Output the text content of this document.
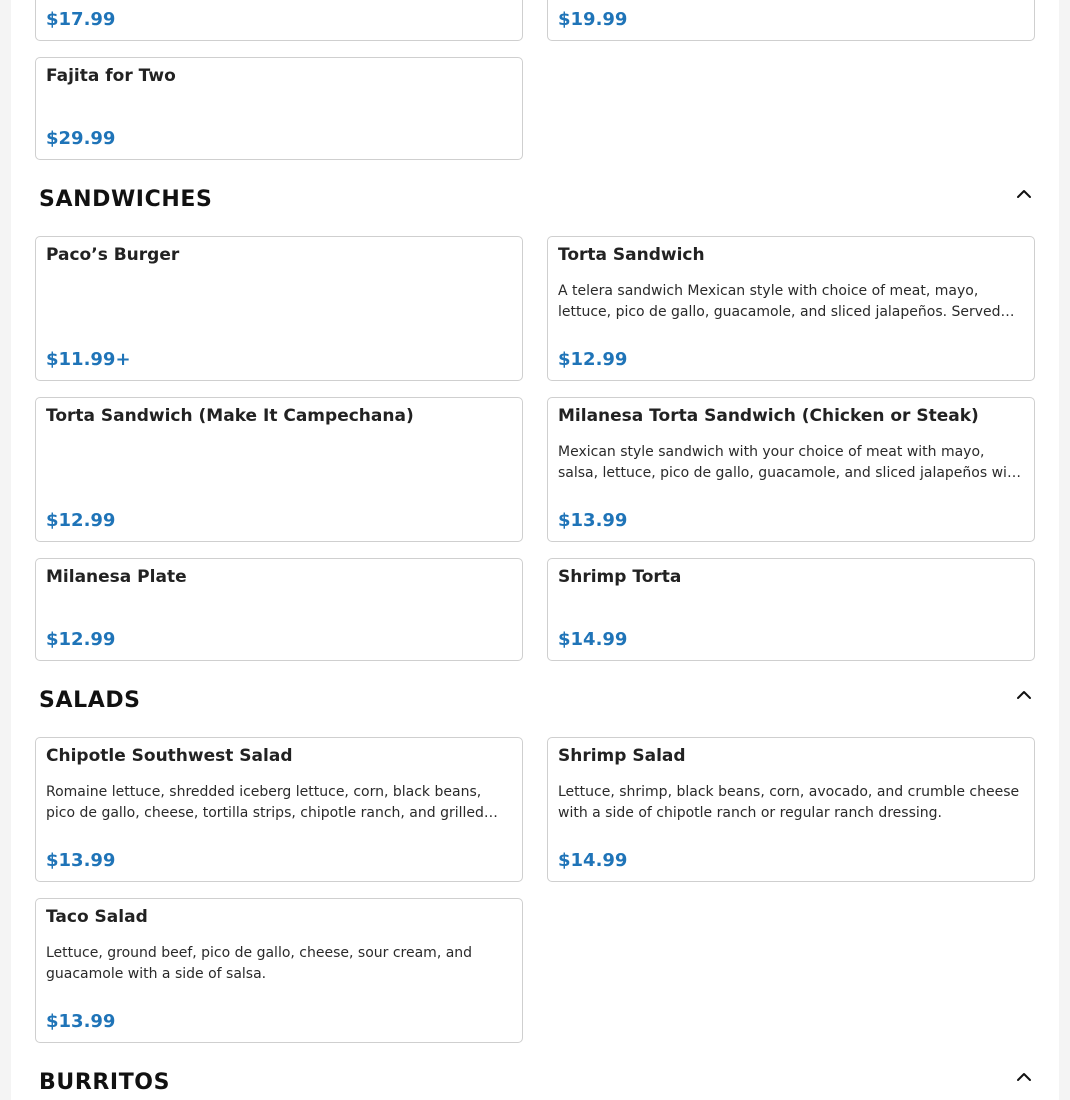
$17.99	$19.99
Fajita for Two
$29.99
SANDWICHES
Paco’s Burger
$11.99+
Torta Sandwich
A telera sandwich Mexican style with choice of meat, mayo, lettuce, pico de gallo, guacamole, and sliced jalapeños. Served…
$12.99
Torta Sandwich (Make It Campechana)
$12.99
Milanesa Torta Sandwich (Chicken or Steak)
Mexican style sandwich with your choice of meat with mayo, salsa, lettuce, pico de gallo, guacamole, and sliced jalapeños wi…
$13.99
Milanesa Plate
$12.99
Shrimp Torta
$14.99
SALADS
Chipotle Southwest Salad
Romaine lettuce, shredded iceberg lettuce, corn, black beans, pico de gallo, cheese, tortilla strips, chipotle ranch, and grilled…
$13.99
Shrimp Salad
Lettuce, shrimp, black beans, corn, avocado, and crumble cheese with a side of chipotle ranch or regular ranch dressing.
$14.99
Taco Salad
Lettuce, ground beef, pico de gallo, cheese, sour cream, and guacamole with a side of salsa.
$13.99
BURRITOS
